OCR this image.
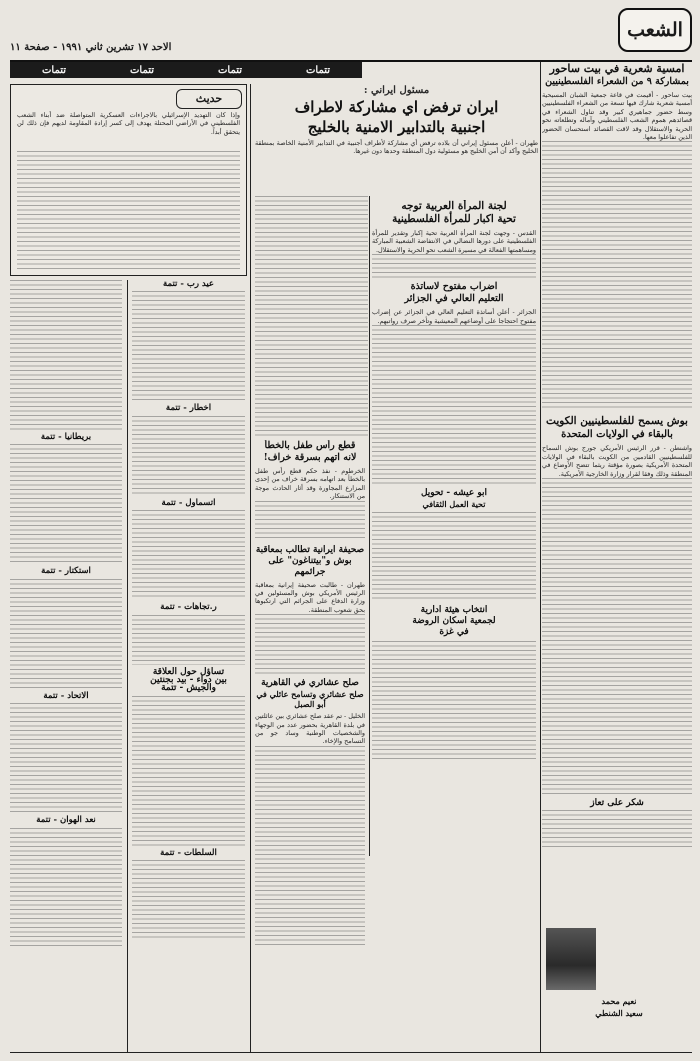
الشعب
الاحد ١٧ تشرين ثاني ١٩٩١ - صفحة ١١
تتمات
تتمات
تتمات
تتمات	امسية شعرية في بيت ساحور
بمشاركة ٩ من الشعراء الفلسطينيين
بيت ساحور - أقيمت في قاعة جمعية الشبان المسيحية أمسية شعرية شارك فيها تسعة من الشعراء الفلسطينيين وسط حضور جماهيري كبير وقد تناول الشعراء في قصائدهم هموم الشعب الفلسطيني وآماله وتطلعاته نحو الحرية والاستقلال وقد لاقت القصائد استحسان الحضور الذين تفاعلوا معها.
بوش يسمح للفلسطينيين الكويت
بالبقاء في الولايات المتحدة
واشنطن - قرر الرئيس الأمريكي جورج بوش السماح للفلسطينيين القادمين من الكويت بالبقاء في الولايات المتحدة الأمريكية بصورة مؤقتة ريثما تتضح الأوضاع في المنطقة وذلك وفقا لقرار وزارة الخارجية الأمريكية.
شكر على تعاز
نعيم محمد
سعيد الشنطي
لجنة المرأة العربية توجه
تحية اكبار للمرأة الفلسطينية
القدس - وجهت لجنة المرأة العربية تحية إكبار وتقدير للمرأة الفلسطينية على دورها النضالي في الانتفاضة الشعبية المباركة ومساهمتها الفعالة في مسيرة الشعب نحو الحرية والاستقلال.
اضراب مفتوح لاساتذة
التعليم العالي في الجزائر
الجزائر - أعلن أساتذة التعليم العالي في الجزائر عن إضراب مفتوح احتجاجا على أوضاعهم المعيشية وتأخر صرف رواتبهم.
ابو عيشه - تحويل
تحية العمل الثقافي
انتخاب هيئة ادارية
لجمعية اسكان الروضة
في غزة
مسئول ايراني :
ايران ترفض اي مشاركة لاطراف
اجنبية بالتدابير الامنية بالخليج
طهران - أعلن مسئول إيراني أن بلاده ترفض أي مشاركة لأطراف أجنبية في التدابير الأمنية الخاصة بمنطقة الخليج وأكد أن أمن الخليج هو مسئولية دول المنطقة وحدها دون غيرها.
قطع رأس طفل بالخطأ
لانه اتهم بسرقة خراف!
الخرطوم - نفذ حكم قطع رأس طفل بالخطأ بعد اتهامه بسرقة خراف من إحدى المزارع المجاورة وقد أثار الحادث موجة من الاستنكار.
صحيفة ايرانية تطالب بمعاقبة
بوش و"بيتناغون" على جرائمهم
طهران - طالبت صحيفة إيرانية بمعاقبة الرئيس الأمريكي بوش والمسئولين في وزارة الدفاع على الجرائم التي ارتكبوها بحق شعوب المنطقة.
صلح عشائري في القاهرية
صلح عشائري وتسامح عائلي في أبو الصبل
الخليل - تم عقد صلح عشائري بين عائلتين في بلدة القاهرية بحضور عدد من الوجهاء والشخصيات الوطنية وساد جو من التسامح والإخاء.
حديث
وإذا كان التهديد الإسرائيلي بالاجراءات العسكرية المتواصلة ضد أبناء الشعب الفلسطيني في الأراضي المحتلة يهدف إلى كسر إرادة المقاومة لديهم فإن ذلك لن يتحقق أبداً.
بريطانيا - تتمة
استكتار - تتمة
الاتحاد - تتمة
نعد الهوان - تتمة
عيد رب - تتمة
اخطار - تتمة
اتسماول - تتمة
ر.تجاهات - تتمة
تساؤل حول العلاقة
بين دواء - بيد بجنتين
والجيش - تتمة
السلطات - تتمة
